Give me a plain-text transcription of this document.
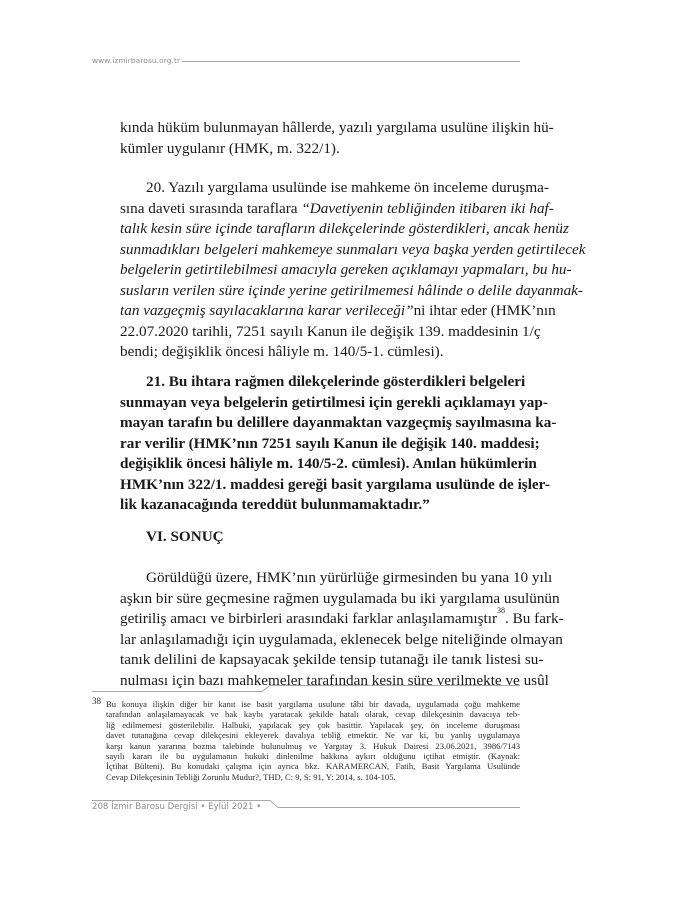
www.izmirbarosu.org.tr
kında hüküm bulunmayan hâllerde, yazılı yargılama usulüne ilişkin hü-
kümler uygulanır (HMK, m. 322/1).
20. Yazılı yargılama usulünde ise mahkeme ön inceleme duruşma-
sına daveti sırasında taraflara “Davetiyenin tebliğinden itibaren iki haf-
talık kesin süre içinde tarafların dilekçelerinde gösterdikleri, ancak henüz
sunmadıkları belgeleri mahkemeye sunmaları veya başka yerden getirtilecek
belgelerin getirtilebilmesi amacıyla gereken açıklamayı yapmaları, bu hu-
susların verilen süre içinde yerine getirilmemesi hâlinde o delile dayanmak-
tan vazgeçmiş sayılacaklarına karar verileceği”ni ihtar eder (HMK’nın
22.07.2020 tarihli, 7251 sayılı Kanun ile değişik 139. maddesinin 1/ç
bendi; değişiklik öncesi hâliyle m. 140/5-1. cümlesi).
21. Bu ihtara rağmen dilekçelerinde gösterdikleri belgeleri
sunmayan veya belgelerin getirtilmesi için gerekli açıklamayı yap-
mayan tarafın bu delillere dayanmaktan vazgeçmiş sayılmasına ka-
rar verilir (HMK’nın 7251 sayılı Kanun ile değişik 140. maddesi;
değişiklik öncesi hâliyle m. 140/5-2. cümlesi). Anılan hükümlerin
HMK’nın 322/1. maddesi gereği basit yargılama usulünde de işler-
lik kazanacağında tereddüt bulunmamaktadır.”
VI. SONUÇ
Görüldüğü üzere, HMK’nın yürürlüğe girmesinden bu yana 10 yılı
aşkın bir süre geçmesine rağmen uygulamada bu iki yargılama usulünün
getiriliş amacı ve birbirleri arasındaki farklar anlaşılamamıştır$^{38}$. Bu fark-
lar anlaşılamadığı için uygulamada, eklenecek belge niteliğinde olmayan
tanık delilini de kapsayacak şekilde tensip tutanağı ile tanık listesi su-
nulması için bazı mahkemeler tarafından kesin süre verilmekte ve usûl
38 Bu konuya ilişkin diğer bir kanıt ise basit yargılama usulune tâbi bir davada, uygulamada çoğu mahkeme
tarafından anlaşılamayacak ve hak kaybı yaratacak şekilde hatalı olarak, cevap dilekçesinin davacıya teb-
liğ edilmemesi gösterilebilir. Halbuki, yapılacak şey çok basittir. Yapılacak şey, ön inceleme duruşması
davet tutanağına cevap dilekçesini ekleyerek davalıya tebliğ etmektir. Ne var ki, bu yanlış uygulamaya
karşı kanun yararına bozma talebinde bulunulmuş ve Yargıtay 3. Hukuk Dairesi 23.06.2021, 3986/7143
sayılı kararı ile bu uygulamanın hukuki dinlenilme hakkına aykırı olduğunu içtihat etmiştir. (Kaynak:
İçtihat Bülteni). Bu konudaki çalışma için ayrıca bkz. KARAMERCAN, Fatih, Basit Yargılama Usulünde
Cevap Dilekçesinin Tebliği Zorunlu Mudur?, THD, C: 9, S: 91, Y: 2014, s. 104-105.
208 İzmir Barosu Dergisi • Eylül 2021 •
